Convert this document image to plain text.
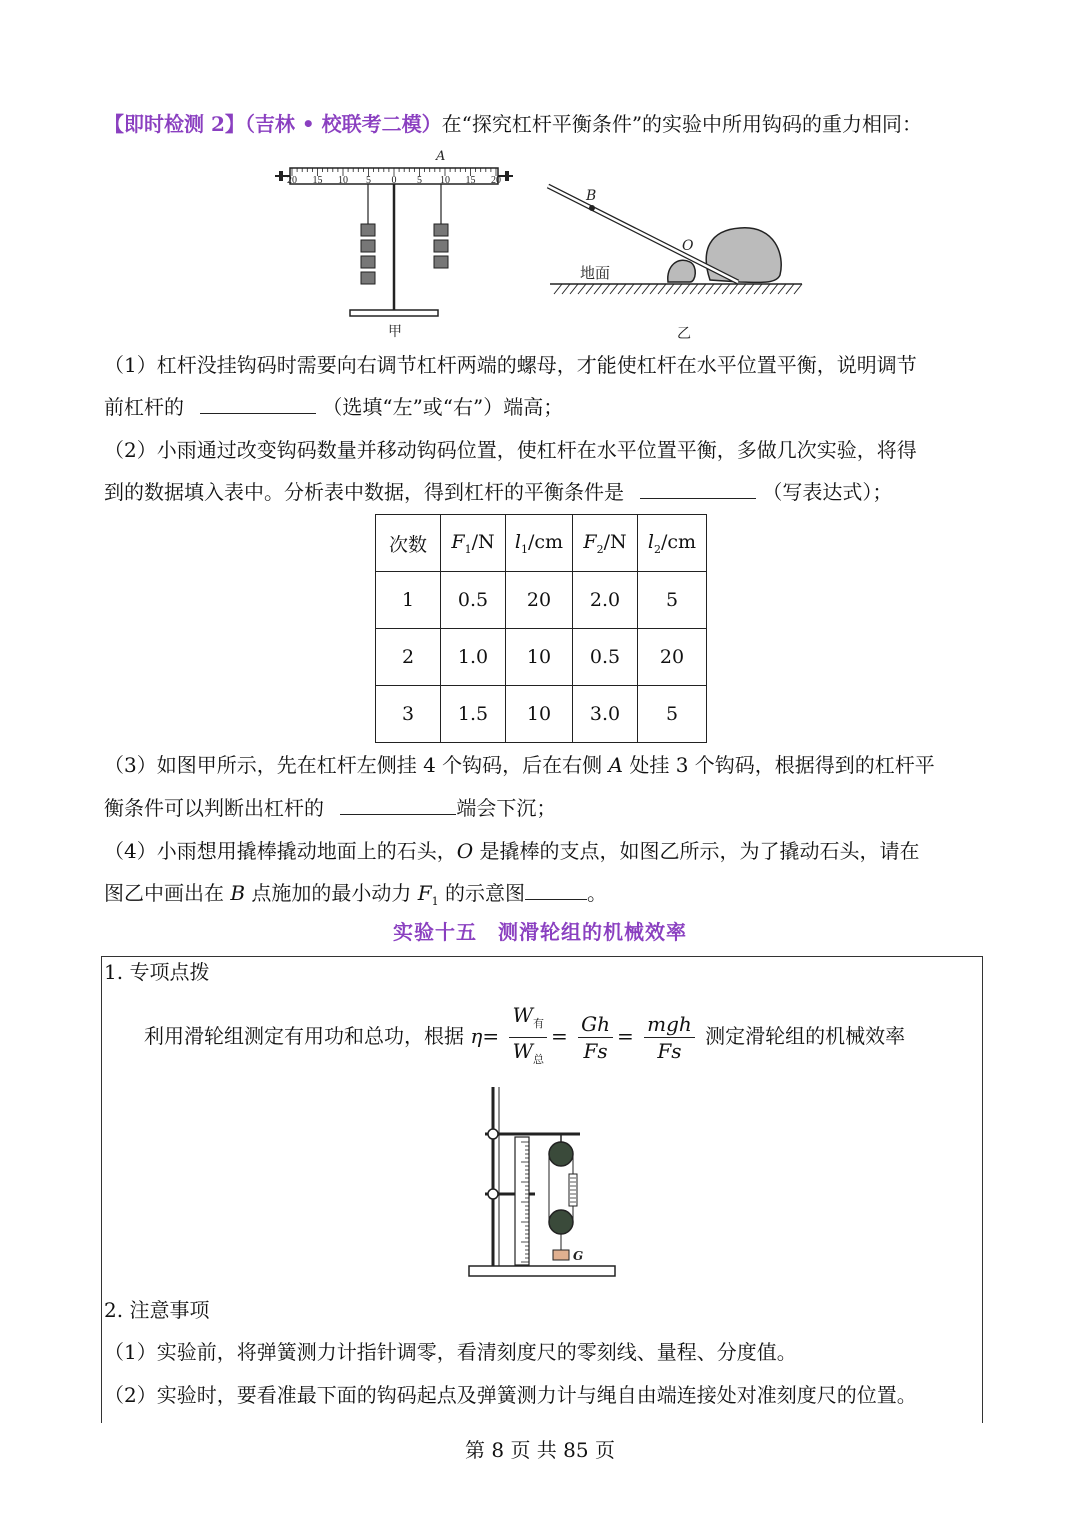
【即时检测 2】（吉林 • 校联考二模）在“探究杠杆平衡条件”的实验中所用钩码的重力相同：
20 15 10 5 0 5 10 15 20
A
甲
B
O
地面
乙
（1）杠杆没挂钩码时需要向右调节杠杆两端的螺母，才能使杠杆在水平位置平衡，说明调节
前杠杆的	（选填“左”或“右”）端高；
（2）小雨通过改变钩码数量并移动钩码位置，使杠杆在水平位置平衡，多做几次实验，将得
到的数据填入表中。分析表中数据，得到杠杆的平衡条件是	（写表达式）；
次数	$F_1/N$	$l_1/cm$	$F_2/N$	$l_2/cm$
1	0.5	20	2.0	5
2	1.0	10	0.5	20
3	1.5	10	3.0	5
（3）如图甲所示，先在杠杆左侧挂 4 个钩码，后在右侧 A 处挂 3 个钩码，根据得到的杠杆平
衡条件可以判断出杠杆的	端会下沉；
（4）小雨想用撬棒撬动地面上的石头，O 是撬棒的支点，如图乙所示，为了撬动石头，请在
图乙中画出在 B 点施加的最小动力 $F_1$ 的示意图	。
实验十五　测滑轮组的机械效率
1. 专项点拨
利用滑轮组测定有用功和总功，根据 $\eta= \frac{W_有}{W_总} = \frac{Gh}{Fs} = \frac{\text{mgh}}{Fs}$ 测定滑轮组的机械效率
G
2. 注意事项
（1）实验前，将弹簧测力计指针调零，看清刻度尺的零刻线、量程、分度值。
（2）实验时，要看准最下面的钩码起点及弹簧测力计与绳自由端连接处对准刻度尺的位置。
第 8 页 共 85 页
